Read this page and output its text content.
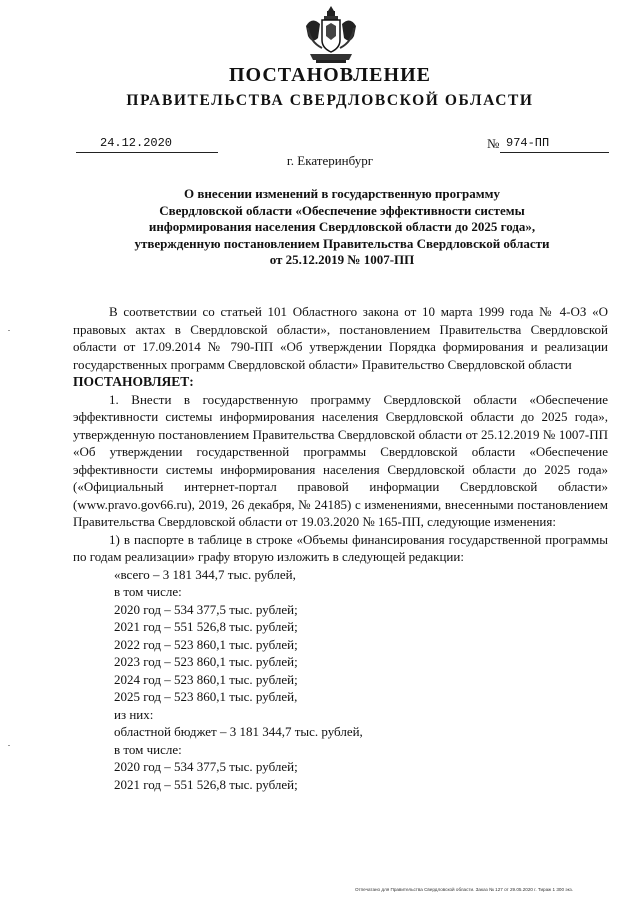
ПОСТАНОВЛЕНИЕ
ПРАВИТЕЛЬСТВА СВЕРДЛОВСКОЙ ОБЛАСТИ
24.12.2020	№ 974-ПП
г. Екатеринбург
О внесении изменений в государственную программу
Свердловской области «Обеспечение эффективности системы
информирования населения Свердловской области до 2025 года»,
утвержденную постановлением Правительства Свердловской области
от 25.12.2019 № 1007-ПП

В соответствии со статьей 101 Областного закона от 10 марта 1999 года № 4-ОЗ «О правовых актах в Свердловской области», постановлением Правительства Свердловской области от 17.09.2014 № 790-ПП «Об утверждении Порядка формирования и реализации государственных программ Свердловской области» Правительство Свердловской области

ПОСТАНОВЛЯЕТ:

1. Внести в государственную программу Свердловской области «Обеспечение эффективности системы информирования населения Свердловской области до 2025 года», утвержденную постановлением Правительства Свердловской области от 25.12.2019 № 1007-ПП «Об утверждении государственной программы Свердловской области «Обеспечение эффективности системы информирования населения Свердловской области до 2025 года» («Официальный интернет-портал правовой информации Свердловской области» (www.pravo.gov66.ru), 2019, 26 декабря, № 24185) с изменениями, внесенными постановлением Правительства Свердловской области от 19.03.2020 № 165-ПП, следующие изменения:

1) в паспорте в таблице в строке «Объемы финансирования государственной программы по годам реализации» графу вторую изложить в следующей редакции:

«всего – 3 181 344,7 тыс. рублей,
в том числе:
2020 год – 534 377,5 тыс. рублей;
2021 год – 551 526,8 тыс. рублей;
2022 год – 523 860,1 тыс. рублей;
2023 год – 523 860,1 тыс. рублей;
2024 год – 523 860,1 тыс. рублей;
2025 год – 523 860,1 тыс. рублей,
из них:
областной бюджет – 3 181 344,7 тыс. рублей,
в том числе:
2020 год – 534 377,5 тыс. рублей;
2021 год – 551 526,8 тыс. рублей;
Отпечатано для Правительства Свердловской области. Заказ № 127 от 29.05.2020 г. Тираж 1 300 экз.
